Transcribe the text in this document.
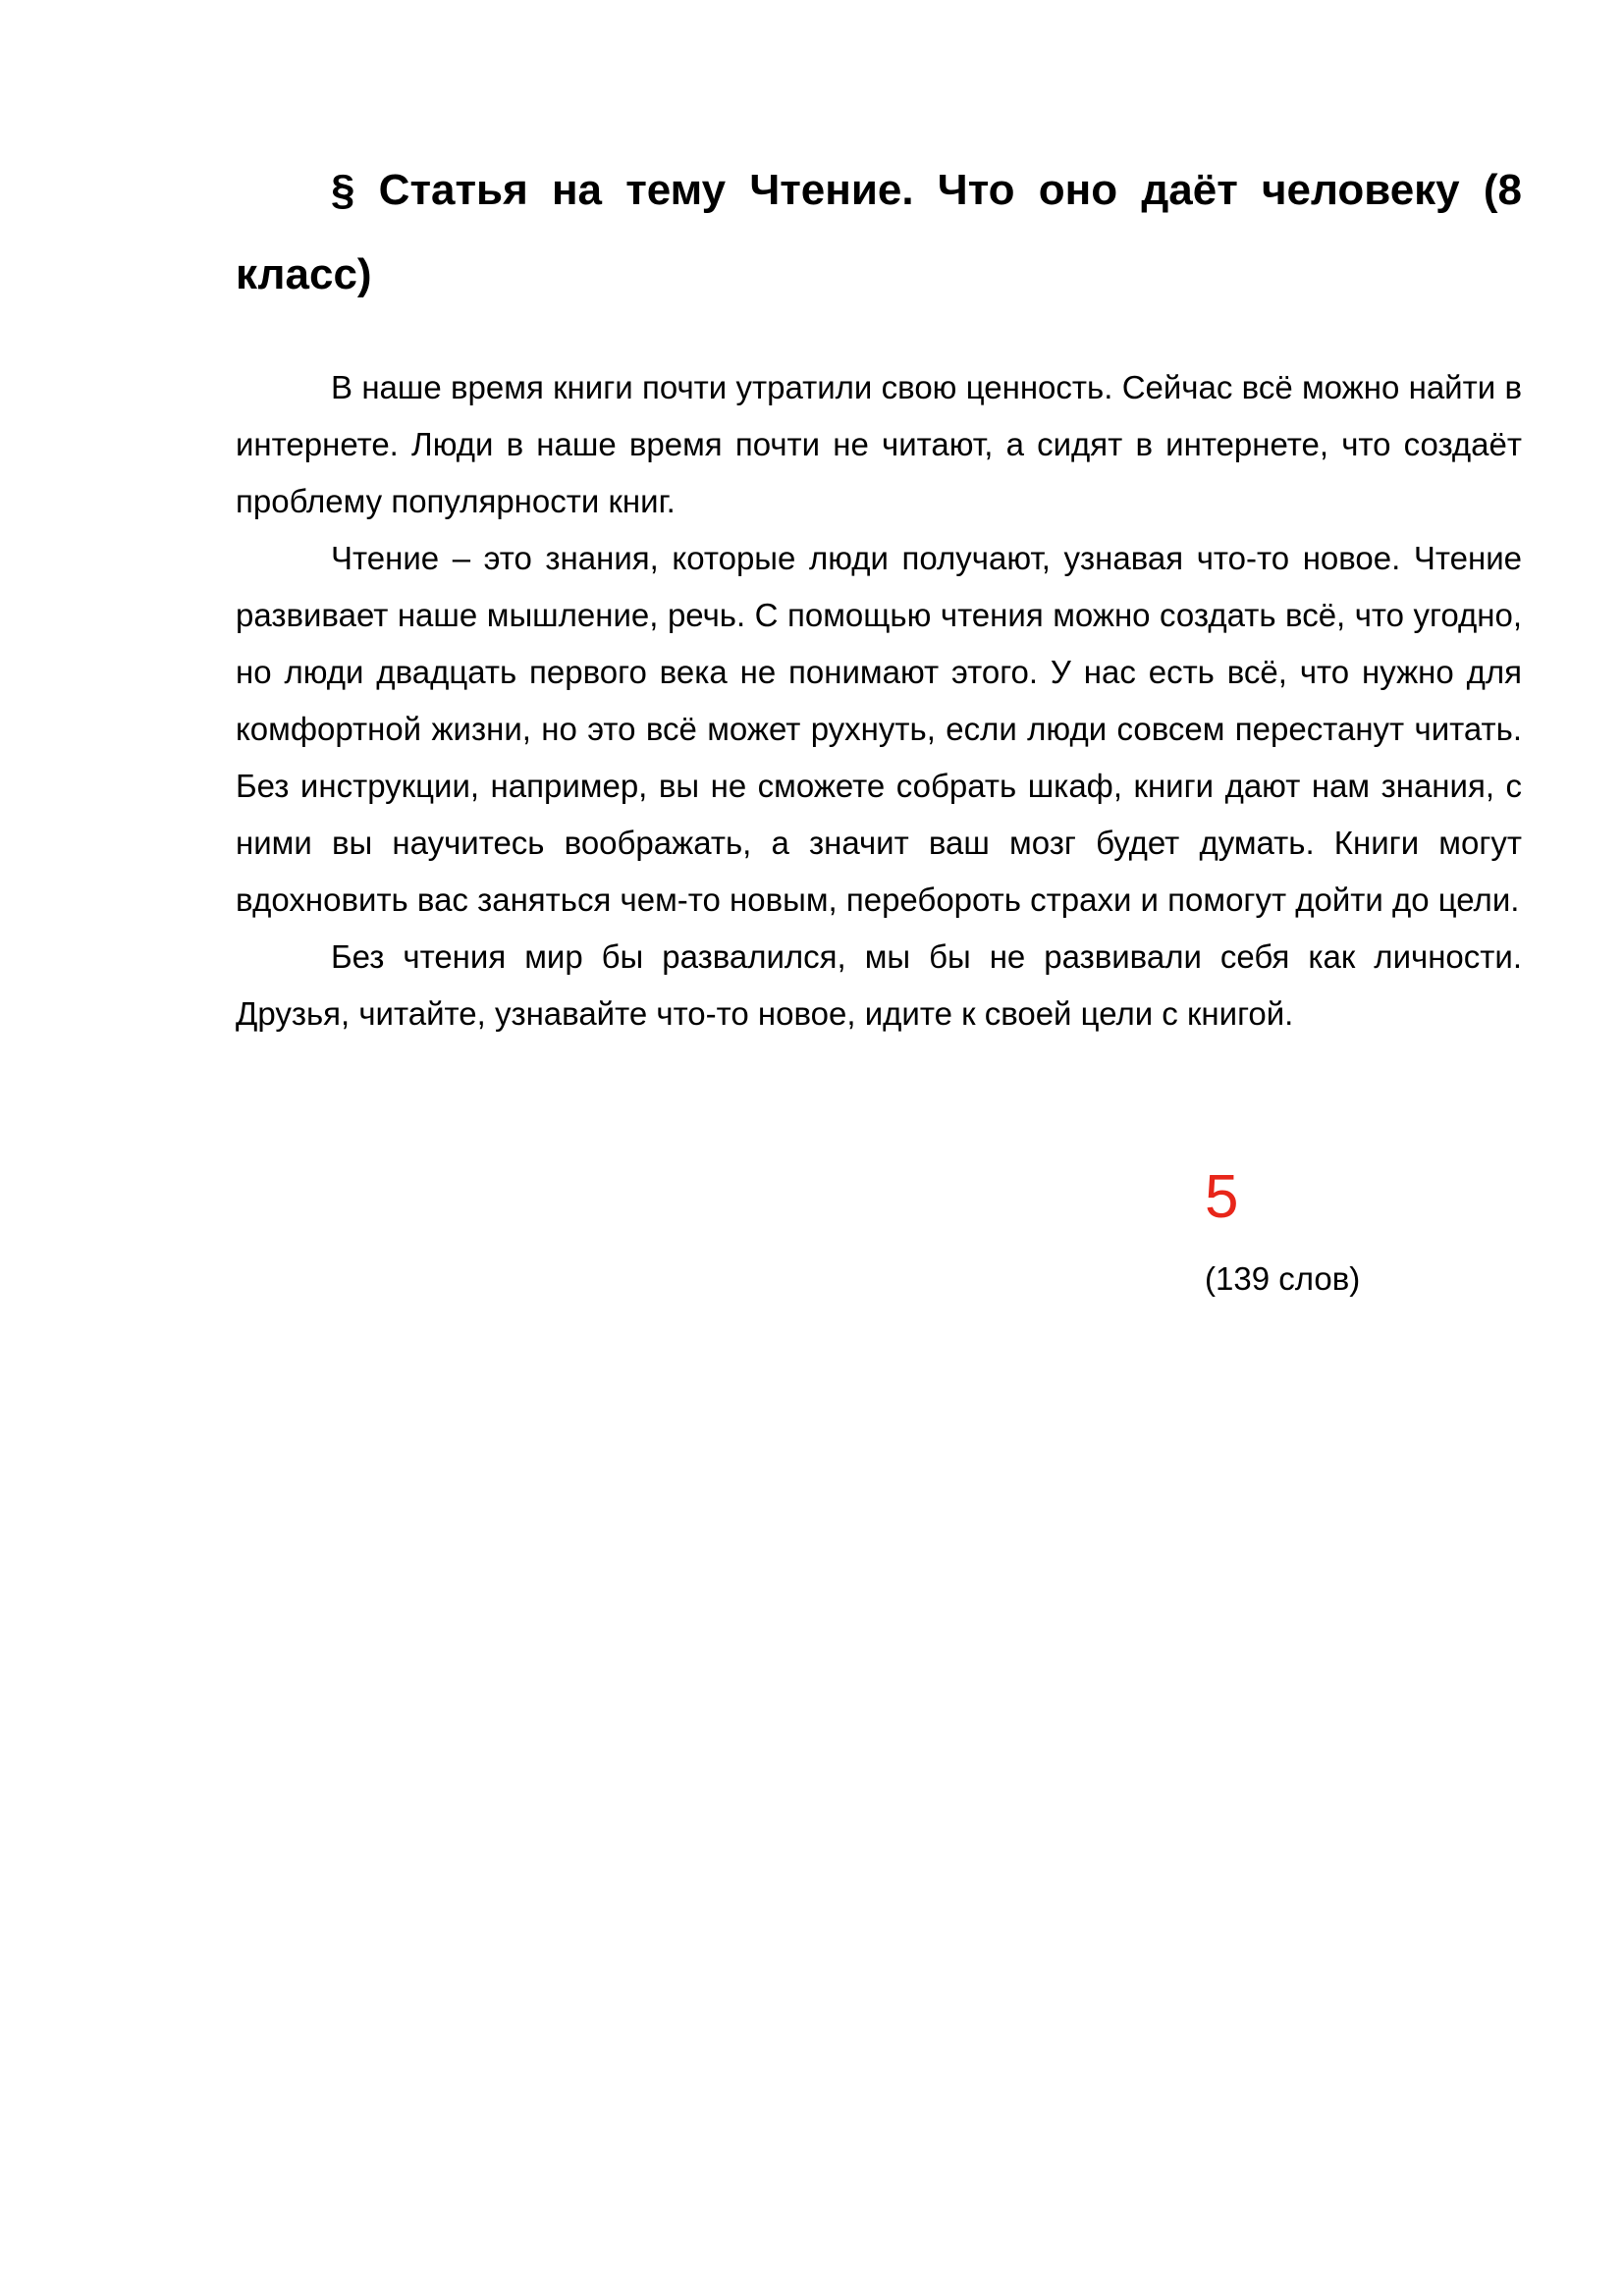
§ Статья на тему Чтение. Что оно даёт человеку (8 класс)

В наше время книги почти утратили свою ценность. Сейчас всё можно найти в интернете. Люди в наше время почти не читают, а сидят в интернете, что создаёт проблему популярности книг.

Чтение – это знания, которые люди получают, узнавая что-то новое. Чтение развивает наше мышление, речь. С помощью чтения можно создать всё, что угодно, но люди двадцать первого века не понимают этого. У нас есть всё, что нужно для комфортной жизни, но это всё может рухнуть, если люди совсем перестанут читать. Без инструкции, например, вы не сможете собрать шкаф, книги дают нам знания, с ними вы научитесь воображать, а значит ваш мозг будет думать. Книги могут вдохновить вас заняться чем-то новым, перебороть страхи и помогут дойти до цели.

Без чтения мир бы развалился, мы бы не развивали себя как личности. Друзья, читайте, узнавайте что-то новое, идите к своей цели с книгой.

5

(139 слов)
